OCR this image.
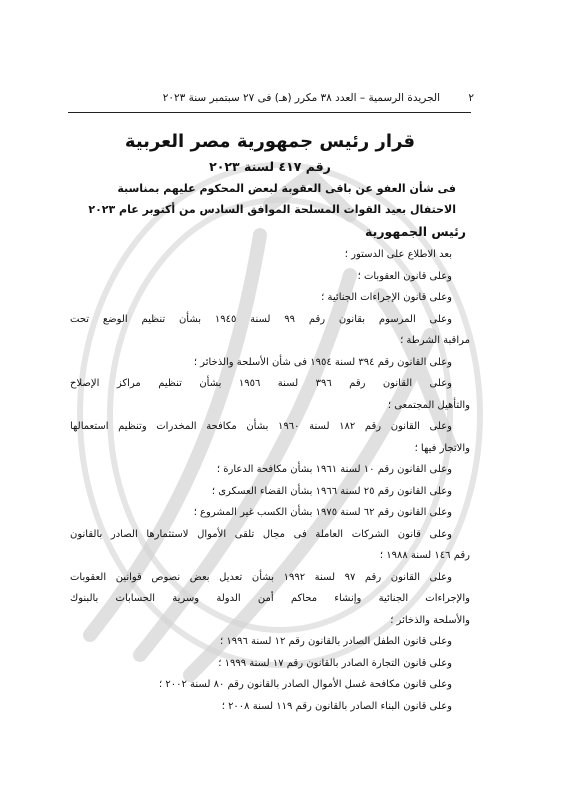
٢
الجريدة الرسمية – العدد ٣٨ مكرر (هـ) فى ٢٧ سبتمبر سنة ٢٠٢٣
قرار رئيس جمهورية مصر العربية
رقم ٤١٧ لسنة ٢٠٢٣
فى شأن العفو عن باقى العقوبة لبعض المحكوم عليهم بمناسبة
الاحتفال بعيد القوات المسلحة الموافق السادس من أكتوبر عام ٢٠٢٣
رئيس الجمهورية
بعد الاطلاع على الدستور ؛
وعلى قانون العقوبات ؛
وعلى قانون الإجراءات الجنائية ؛
وعلى المرسوم بقانون رقم ٩٩ لسنة ١٩٤٥ بشأن تنظيم الوضع تحت
مراقبة الشرطة ؛
وعلى القانون رقم ٣٩٤ لسنة ١٩٥٤ فى شأن الأسلحة والذخائر ؛
وعلى القانون رقم ٣٩٦ لسنة ١٩٥٦ بشأن تنظيم مراكز الإصلاح
والتأهيل المجتمعى ؛
وعلى القانون رقم ١٨٢ لسنة ١٩٦٠ بشأن مكافحة المخدرات وتنظيم استعمالها
والاتجار فيها ؛
وعلى القانون رقم ١٠ لسنة ١٩٦١ بشأن مكافحة الدعارة ؛
وعلى القانون رقم ٢٥ لسنة ١٩٦٦ بشأن القضاء العسكرى ؛
وعلى القانون رقم ٦٢ لسنة ١٩٧٥ بشأن الكسب غير المشروع ؛
وعلى قانون الشركات العاملة فى مجال تلقى الأموال لاستثمارها الصادر بالقانون
رقم ١٤٦ لسنة ١٩٨٨ ؛
وعلى القانون رقم ٩٧ لسنة ١٩٩٢ بشأن تعديل بعض نصوص قوانين العقوبات
والإجراءات الجنائية وإنشاء محاكم أمن الدولة وسرية الحسابات بالبنوك
والأسلحة والذخائر ؛
وعلى قانون الطفل الصادر بالقانون رقم ١٢ لسنة ١٩٩٦ ؛
وعلى قانون التجارة الصادر بالقانون رقم ١٧ لسنة ١٩٩٩ ؛
وعلى قانون مكافحة غسل الأموال الصادر بالقانون رقم ٨٠ لسنة ٢٠٠٢ ؛
وعلى قانون البناء الصادر بالقانون رقم ١١٩ لسنة ٢٠٠٨ ؛
